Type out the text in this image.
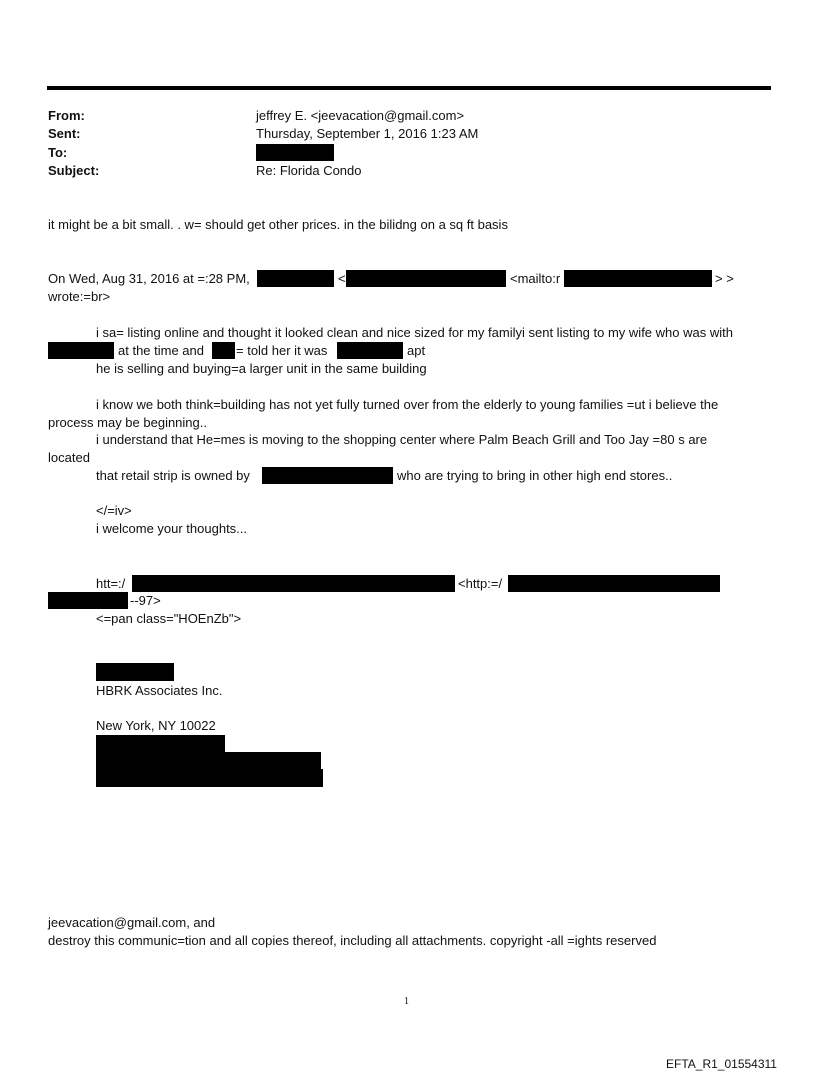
From:	jeffrey E. <jeevacation@gmail.com>
Sent:	Thursday, September 1, 2016 1:23 AM
To:
Subject:	Re: Florida Condo
it might be a bit small. . w= should get other prices. in the bilidng on a sq ft basis
On Wed, Aug 31, 2016 at =:28 PM,	<	<mailto:r	> >
wrote:=br>
i sa= listing online and thought it looked clean and nice sized for my familyi sent listing to my wife who was with
at the time and = told her it was	apt
he is selling and buying=a larger unit in the same building
i know we both think=building has not yet fully turned over from the elderly to young families =ut i believe the
process may be beginning..
i understand that He=mes is moving to the shopping center where Palm Beach Grill and Too Jay =80 s are
located
that retail strip is owned by	who are trying to bring in other high end stores..
</=iv>
i welcome your thoughts...
htt=:/	<http:=/
--97>
<=pan class="HOEnZb">
HBRK Associates Inc.
New York, NY 10022
jeevacation@gmail.com, and
destroy this communic=tion and all copies thereof, including all attachments. copyright -all =ights reserved
1
EFTA_R1_01554311
